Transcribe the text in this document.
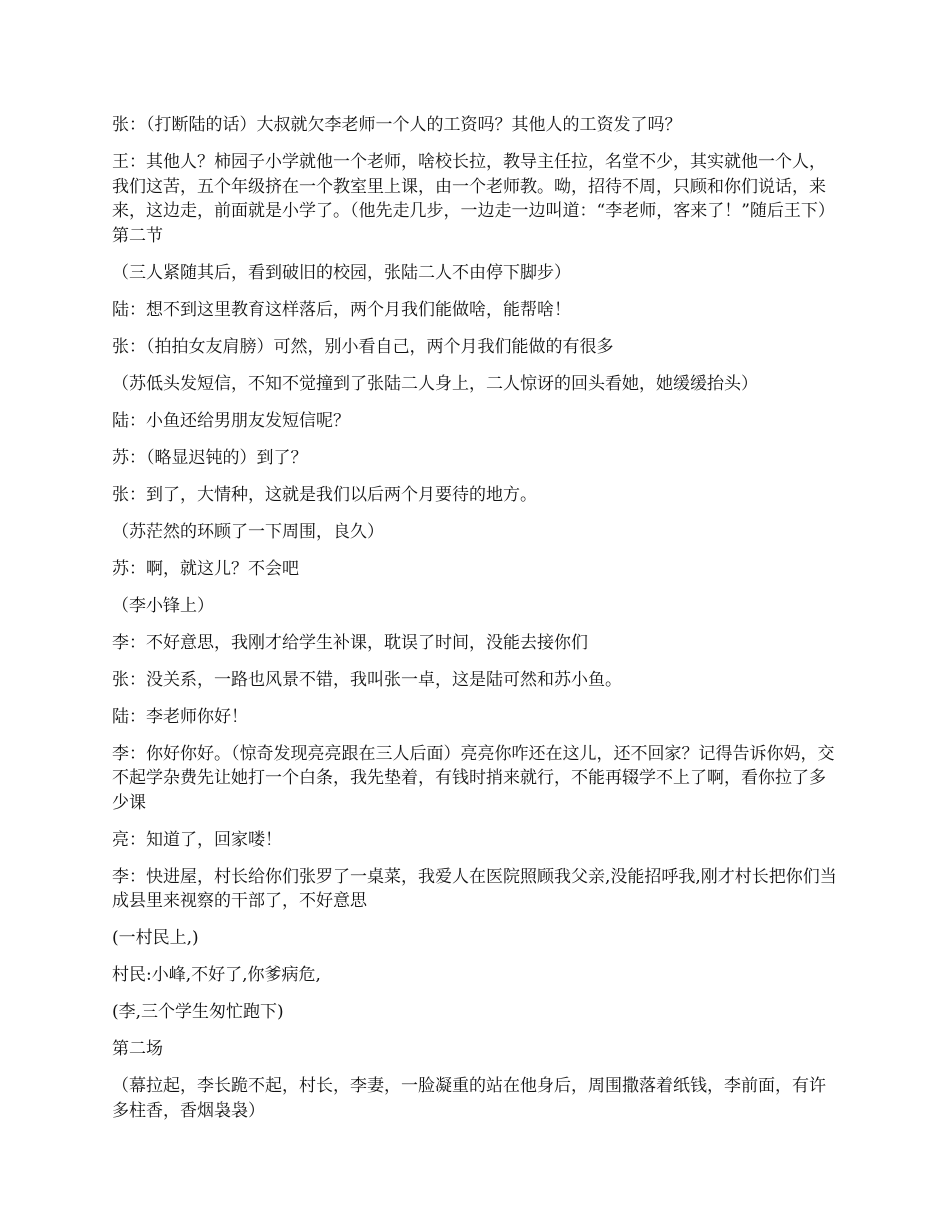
张：（打断陆的话）大叔就欠李老师一个人的工资吗？其他人的工资发了吗？

王：其他人？柿园子小学就他一个老师，啥校长拉，教导主任拉，名堂不少，其实就他一个人，我们这苦，五个年级挤在一个教室里上课，由一个老师教。呦，招待不周，只顾和你们说话，来来，这边走，前面就是小学了。（他先走几步，一边走一边叫道：“李老师，客来了！”随后王下）第二节

（三人紧随其后，看到破旧的校园，张陆二人不由停下脚步）

陆：想不到这里教育这样落后，两个月我们能做啥，能帮啥！

张：（拍拍女友肩膀）可然，别小看自己，两个月我们能做的有很多

（苏低头发短信，不知不觉撞到了张陆二人身上，二人惊讶的回头看她，她缓缓抬头）

陆：小鱼还给男朋友发短信呢？

苏：（略显迟钝的）到了？

张：到了，大情种，这就是我们以后两个月要待的地方。

（苏茫然的环顾了一下周围，良久）

苏：啊，就这儿？不会吧

（李小锋上）

李：不好意思，我刚才给学生补课，耽误了时间，没能去接你们

张：没关系，一路也风景不错，我叫张一卓，这是陆可然和苏小鱼。

陆：李老师你好！

李：你好你好。（惊奇发现亮亮跟在三人后面）亮亮你咋还在这儿，还不回家？记得告诉你妈，交不起学杂费先让她打一个白条，我先垫着，有钱时捎来就行，不能再辍学不上了啊，看你拉了多少课

亮：知道了，回家喽！

李：快进屋，村长给你们张罗了一桌菜，我爱人在医院照顾我父亲,没能招呼我,刚才村长把你们当成县里来视察的干部了，不好意思

(一村民上,)

村民:小峰,不好了,你爹病危,

(李,三个学生匆忙跑下)

第二场

（幕拉起，李长跪不起，村长，李妻，一脸凝重的站在他身后，周围撒落着纸钱，李前面，有许多柱香，香烟袅袅）
